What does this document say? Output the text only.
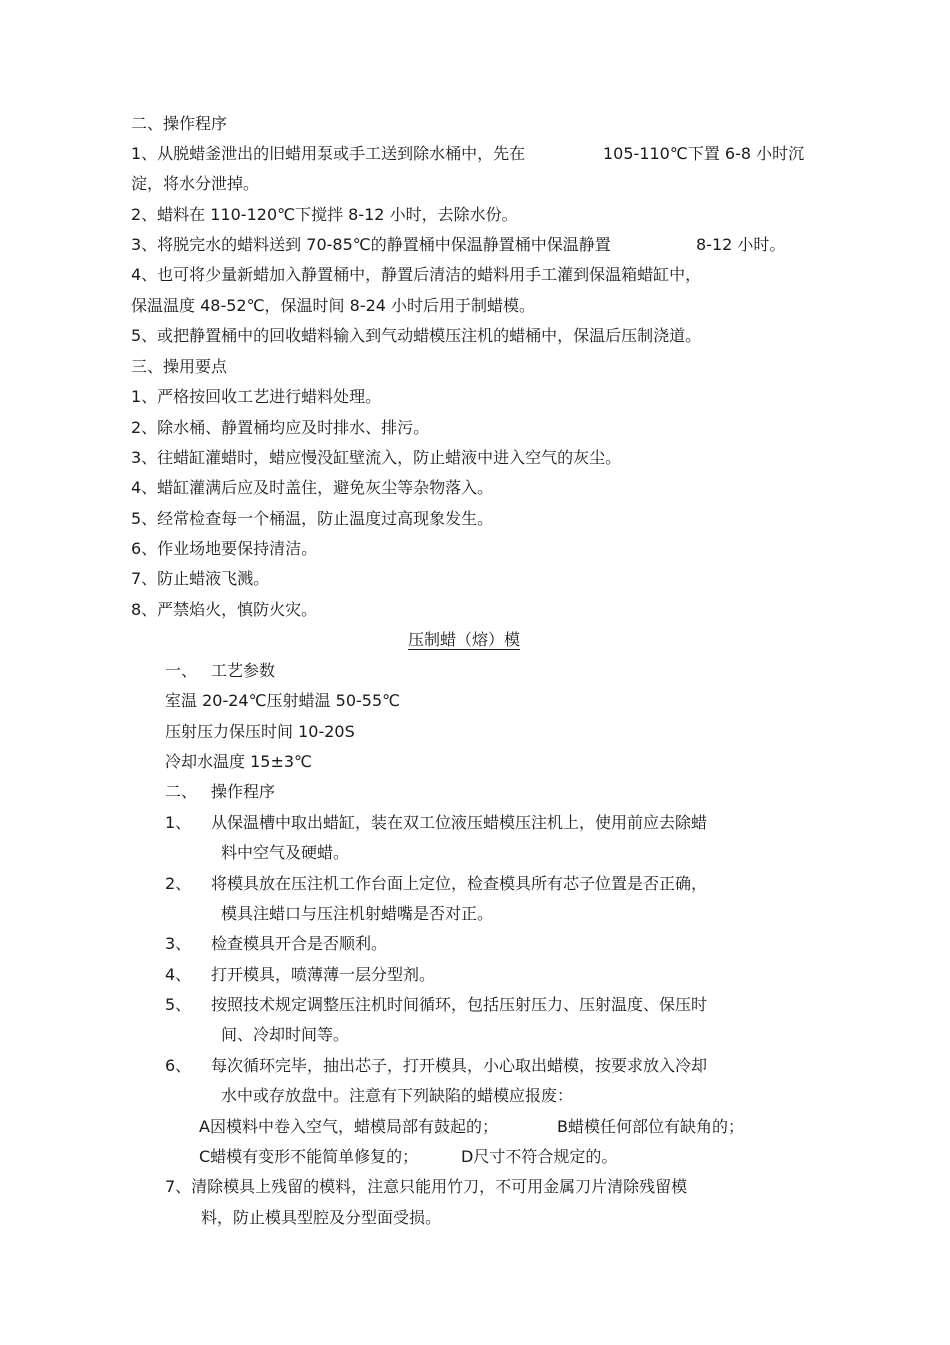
二、操作程序
1、从脱蜡釜泄出的旧蜡用泵或手工送到除水桶中，先在	105-110℃下置 6-8 小时沉
淀，将水分泄掉。
2、蜡料在 110-120℃下搅拌 8-12 小时，去除水份。
3、将脱完水的蜡料送到 70-85℃的静置桶中保温静置桶中保温静置	8-12 小时。
4、也可将少量新蜡加入静置桶中，静置后清洁的蜡料用手工灌到保温箱蜡缸中，
保温温度 48-52℃，保温时间 8-24 小时后用于制蜡模。
5、或把静置桶中的回收蜡料输入到气动蜡模压注机的蜡桶中，保温后压制浇道。
三、操用要点
1、严格按回收工艺进行蜡料处理。
2、除水桶、静置桶均应及时排水、排污。
3、往蜡缸灌蜡时，蜡应慢没缸壁流入，防止蜡液中进入空气的灰尘。
4、蜡缸灌满后应及时盖住，避免灰尘等杂物落入。
5、经常检查每一个桶温，防止温度过高现象发生。
6、作业场地要保持清洁。
7、防止蜡液飞溅。
8、严禁焰火，慎防火灾。
压制蜡（熔）模
一、 工艺参数
室温 20-24℃压射蜡温 50-55℃
压射压力保压时间 10-20S
冷却水温度 15±3℃
二、 操作程序
1、 从保温槽中取出蜡缸，装在双工位液压蜡模压注机上，使用前应去除蜡
料中空气及硬蜡。
2、 将模具放在压注机工作台面上定位，检查模具所有芯子位置是否正确，
模具注蜡口与压注机射蜡嘴是否对正。
3、 检查模具开合是否顺利。
4、 打开模具，喷薄薄一层分型剂。
5、 按照技术规定调整压注机时间循环，包括压射压力、压射温度、保压时
间、冷却时间等。
6、 每次循环完毕，抽出芯子，打开模具，小心取出蜡模，按要求放入冷却
水中或存放盘中。注意有下列缺陷的蜡模应报废：
A因模料中卷入空气，蜡模局部有鼓起的；	B蜡模任何部位有缺角的；
C蜡模有变形不能简单修复的；	D尺寸不符合规定的。
7、清除模具上残留的模料，注意只能用竹刀，不可用金属刀片清除残留模
料，防止模具型腔及分型面受损。
